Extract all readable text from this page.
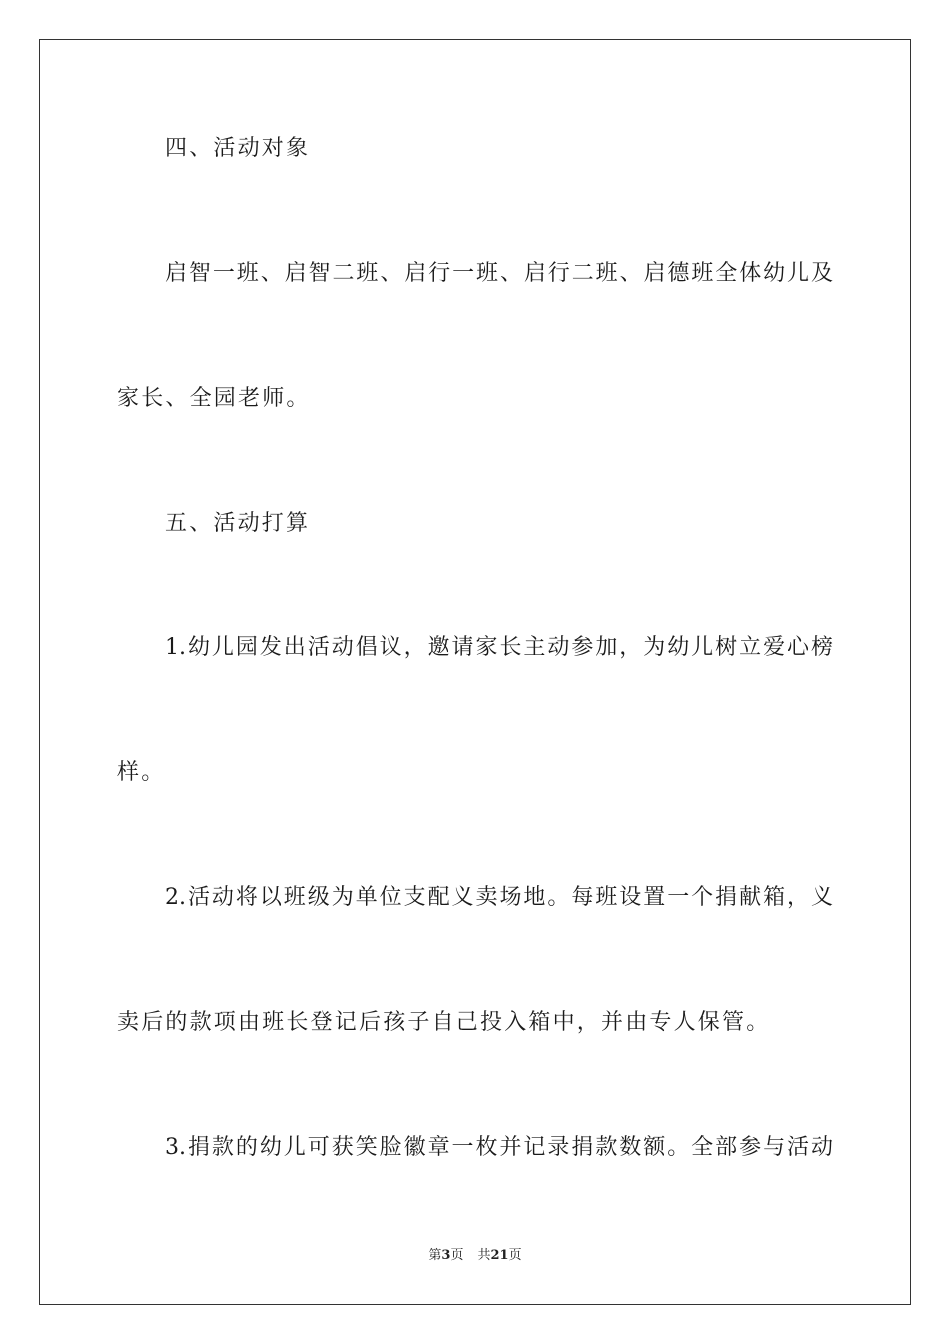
四、活动对象
启智一班、启智二班、启行一班、启行二班、启德班全体幼儿及
家长、全园老师。
五、活动打算
1.幼儿园发出活动倡议，邀请家长主动参加，为幼儿树立爱心榜
样。
2.活动将以班级为单位支配义卖场地。每班设置一个捐献箱，义
卖后的款项由班长登记后孩子自己投入箱中，并由专人保管。
3.捐款的幼儿可获笑脸徽章一枚并记录捐款数额。全部参与活动
第3页 共21页
